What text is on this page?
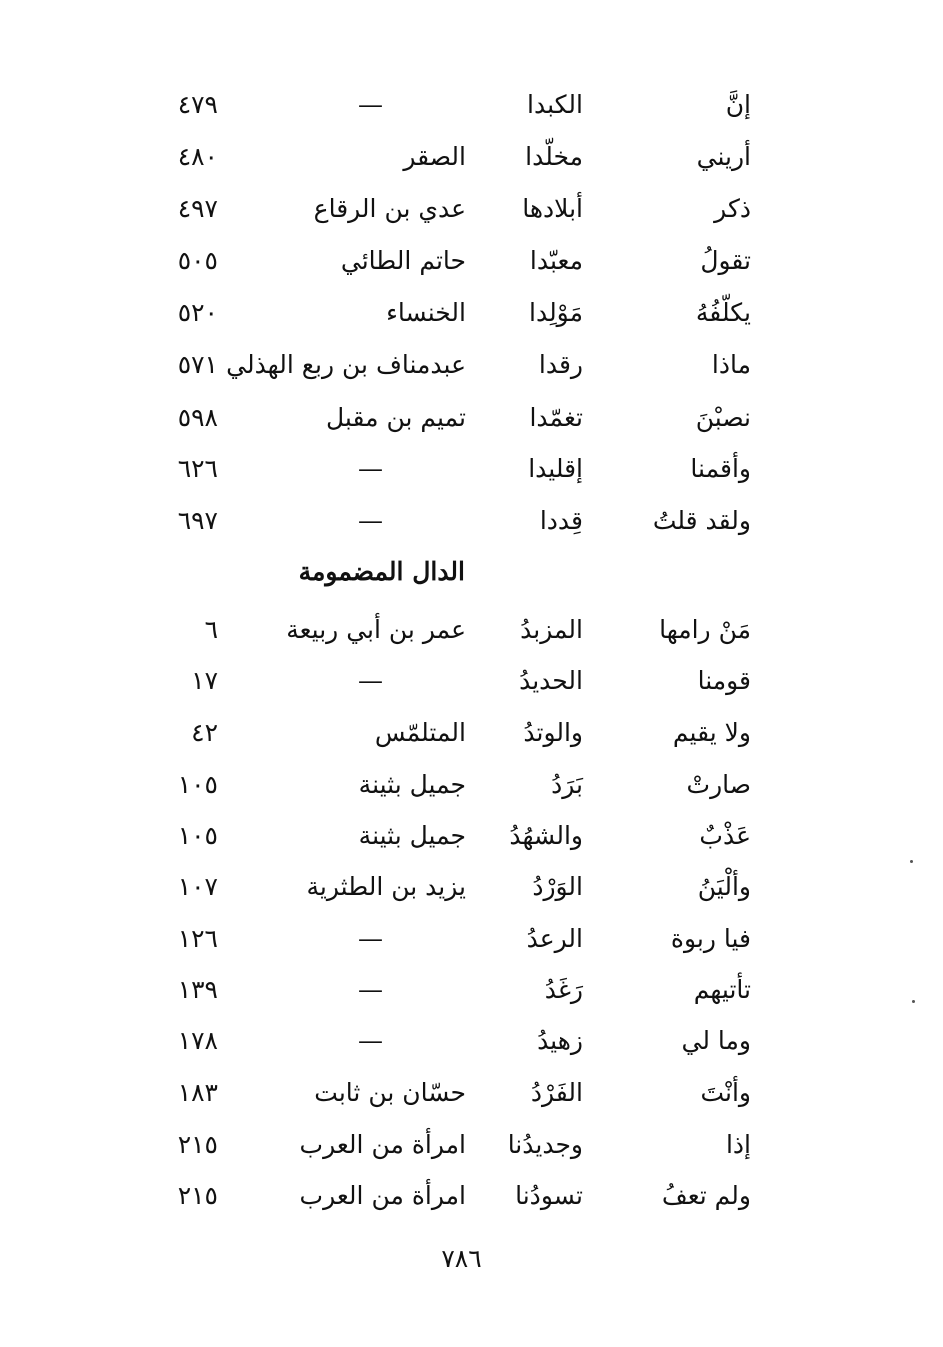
إنَّ
الكبدا
—
٤٧٩
أريني
مخلّدا
الصقر
٤٨٠
ذكر
أبلادها
عدي بن الرقاع
٤٩٧
تقولُ
معبّدا
حاتم الطائي
٥٠٥
يكلّفُهُ
مَوْلِدا
الخنساء
٥٢٠
ماذا
رقدا
عبدمناف بن ربع الهذلي
٥٧١
نصبْنَ
تغمّدا
تميم بن مقبل
٥٩٨
وأقمنا
إقليدا
—
٦٢٦
ولقد قلتُ
قِددا
—
٦٩٧
الدال المضمومة
مَنْ رامها
المزبدُ
عمر بن أبي ربيعة
٦
قومنا
الحديدُ
—
١٧
ولا يقيم
والوتدُ
المتلمّس
٤٢
صارتْ
بَرَدُ
جميل بثينة
١٠٥
عَذْبٌ
والشهُدُ
جميل بثينة
١٠٥
وألْيَنُ
الوَرْدُ
يزيد بن الطثرية
١٠٧
فيا ربوة
الرعدُ
—
١٢٦
تأتيهم
رَغَدُ
—
١٣٩
وما لي
زهيدُ
—
١٧٨
وأنْتَ
الفَرْدُ
حسّان بن ثابت
١٨٣
إذا
وجديدُنا
امرأة من العرب
٢١٥
ولم تعفُ
تسودُنا
امرأة من العرب
٢١٥
٧٨٦
